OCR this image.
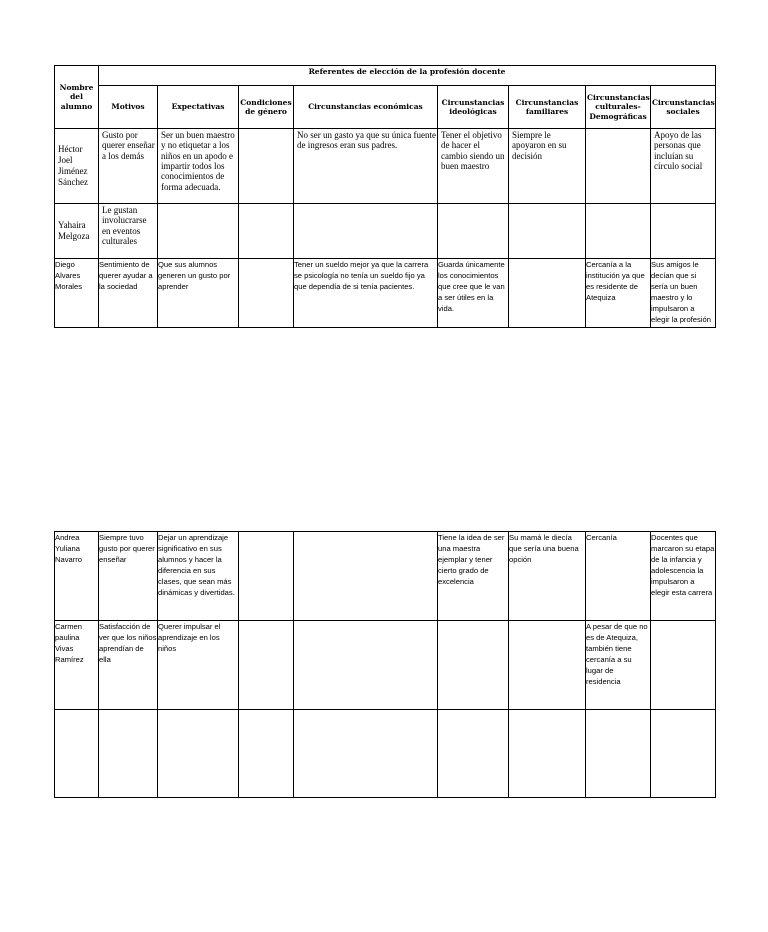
Nombre del alumno	Referentes de elección de la profesión docente							
	Motivos	Expectativas	Condiciones de género	Circunstancias económicas	Circunstancias ideológicas	Circunstancias familiares	Circunstancias culturales-Demográficas	Circunstancias sociales
Héctor Joel Jiménez Sánchez	Gusto por querer enseñar a los demás	Ser un buen maestro y no etiquetar a los niños en un apodo e impartir todos los conocimientos de forma adecuada.		No ser un gasto ya que su única fuente de ingresos eran sus padres.	Tener el objetivo de hacer el cambio siendo un buen maestro	Siempre le apoyaron en su decisión		Apoyo de las personas que incluían su círculo social
Yahaira Melgoza	Le gustan involucrarse en eventos culturales							
Diego Alvares Morales	Sentimiento de querer ayudar a la sociedad	Que sus alumnos generen un gusto por aprender		Tener un sueldo mejor ya que la carrera se psicología no tenía un sueldo fijo ya que dependía de si tenía pacientes.	Guarda únicamente los conocimientos que cree que le van a ser útiles en la vida.		Cercanía a la institución ya que es residente de Atequiza	Sus amigos le decían que si sería un buen maestro y lo impulsaron a elegir la profesión
Andrea Yuliana Navarro	Siempre tuvo gusto por querer enseñar	Dejar un aprendizaje significativo en sus alumnos y hacer la diferencia en sus clases, que sean más dinámicas y divertidas.			Tiene la idea de ser una maestra ejemplar y tener cierto grado de excelencia	Su mamá le diecía que sería una buena opción	Cercanía	Docentes que marcaron su etapa de la infancia y adolescencia la impulsaron a elegir esta carrera
Carmen paulina Vivas Ramírez	Satisfacción de ver que los niños aprendían de ella	Querer impulsar el aprendizaje en los niños					A pesar de que no es de Atequiza, también tiene cercanía a su lugar de residencia	
